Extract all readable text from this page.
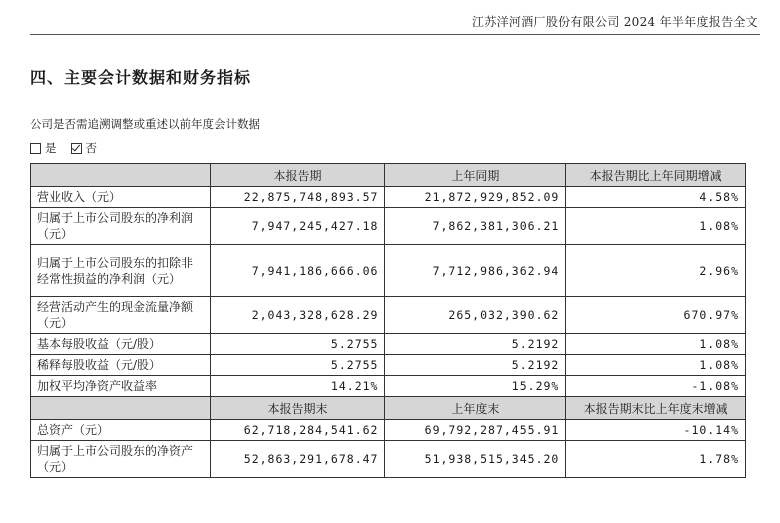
江苏洋河酒厂股份有限公司 2024 年半年度报告全文
四、主要会计数据和财务指标
公司是否需追溯调整或重述以前年度会计数据
是	否
	本报告期	上年同期	本报告期比上年同期增减
营业收入（元）	22,875,748,893.57	21,872,929,852.09	4.58%
归属于上市公司股东的净利润（元）	7,947,245,427.18	7,862,381,306.21	1.08%
归属于上市公司股东的扣除非经常性损益的净利润（元）	7,941,186,666.06	7,712,986,362.94	2.96%
经营活动产生的现金流量净额（元）	2,043,328,628.29	265,032,390.62	670.97%
基本每股收益（元/股）	5.2755	5.2192	1.08%
稀释每股收益（元/股）	5.2755	5.2192	1.08%
加权平均净资产收益率	14.21%	15.29%	-1.08%
	本报告期末	上年度末	本报告期末比上年度末增减
总资产（元）	62,718,284,541.62	69,792,287,455.91	-10.14%
归属于上市公司股东的净资产（元）	52,863,291,678.47	51,938,515,345.20	1.78%
